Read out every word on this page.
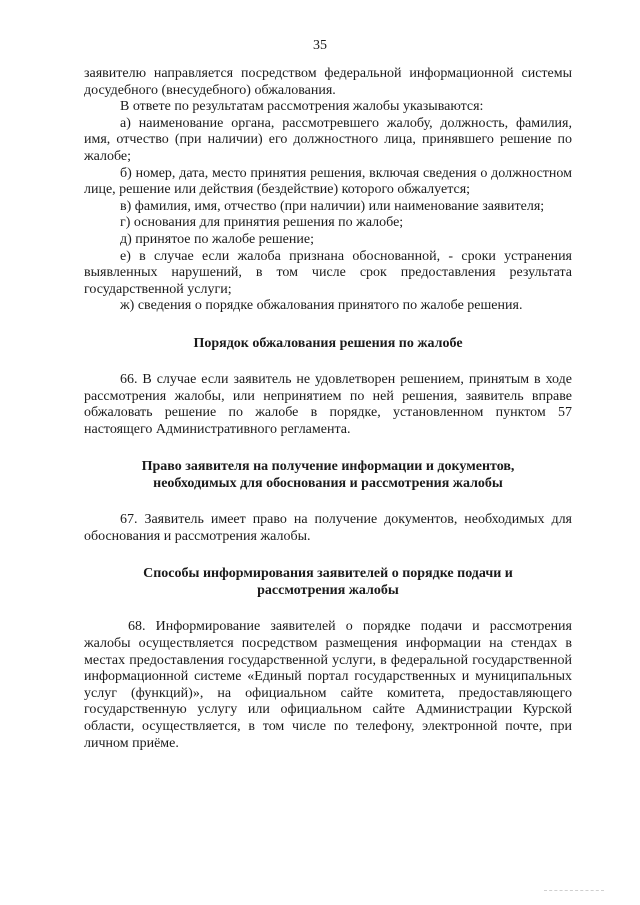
35

заявителю направляется посредством федеральной информационной системы досудебного (внесудебного) обжалования.

В ответе по результатам рассмотрения жалобы указываются:

а) наименование органа, рассмотревшего жалобу, должность, фамилия, имя, отчество (при наличии) его должностного лица, принявшего решение по жалобе;

б) номер, дата, место принятия решения, включая сведения о должностном лице, решение или действия (бездействие) которого обжалуется;

в) фамилия, имя, отчество (при наличии) или наименование заявителя;

г) основания для принятия решения по жалобе;

д) принятое по жалобе решение;

е) в случае если жалоба признана обоснованной, - сроки устранения выявленных нарушений, в том числе срок предоставления результата государственной услуги;

ж) сведения о порядке обжалования принятого по жалобе решения.

Порядок обжалования решения по жалобе

66. В случае если заявитель не удовлетворен решением, принятым в ходе рассмотрения жалобы, или непринятием по ней решения, заявитель вправе обжаловать решение по жалобе в порядке, установленном пунктом 57 настоящего Административного регламента.

Право заявителя на получение информации и документов,

необходимых для обоснования и рассмотрения жалобы

67. Заявитель имеет право на получение документов, необходимых для обоснования и рассмотрения жалобы.

Способы информирования заявителей о порядке подачи и

рассмотрения жалобы

68. Информирование заявителей о порядке подачи и рассмотрения жалобы осуществляется посредством размещения информации на стендах в местах предоставления государственной услуги, в федеральной государственной информационной системе «Единый портал государственных и муниципальных услуг (функций)», на официальном сайте комитета, предоставляющего государственную услугу или официальном сайте Администрации Курской области, осуществляется, в том числе по телефону, электронной почте, при личном приёме.
